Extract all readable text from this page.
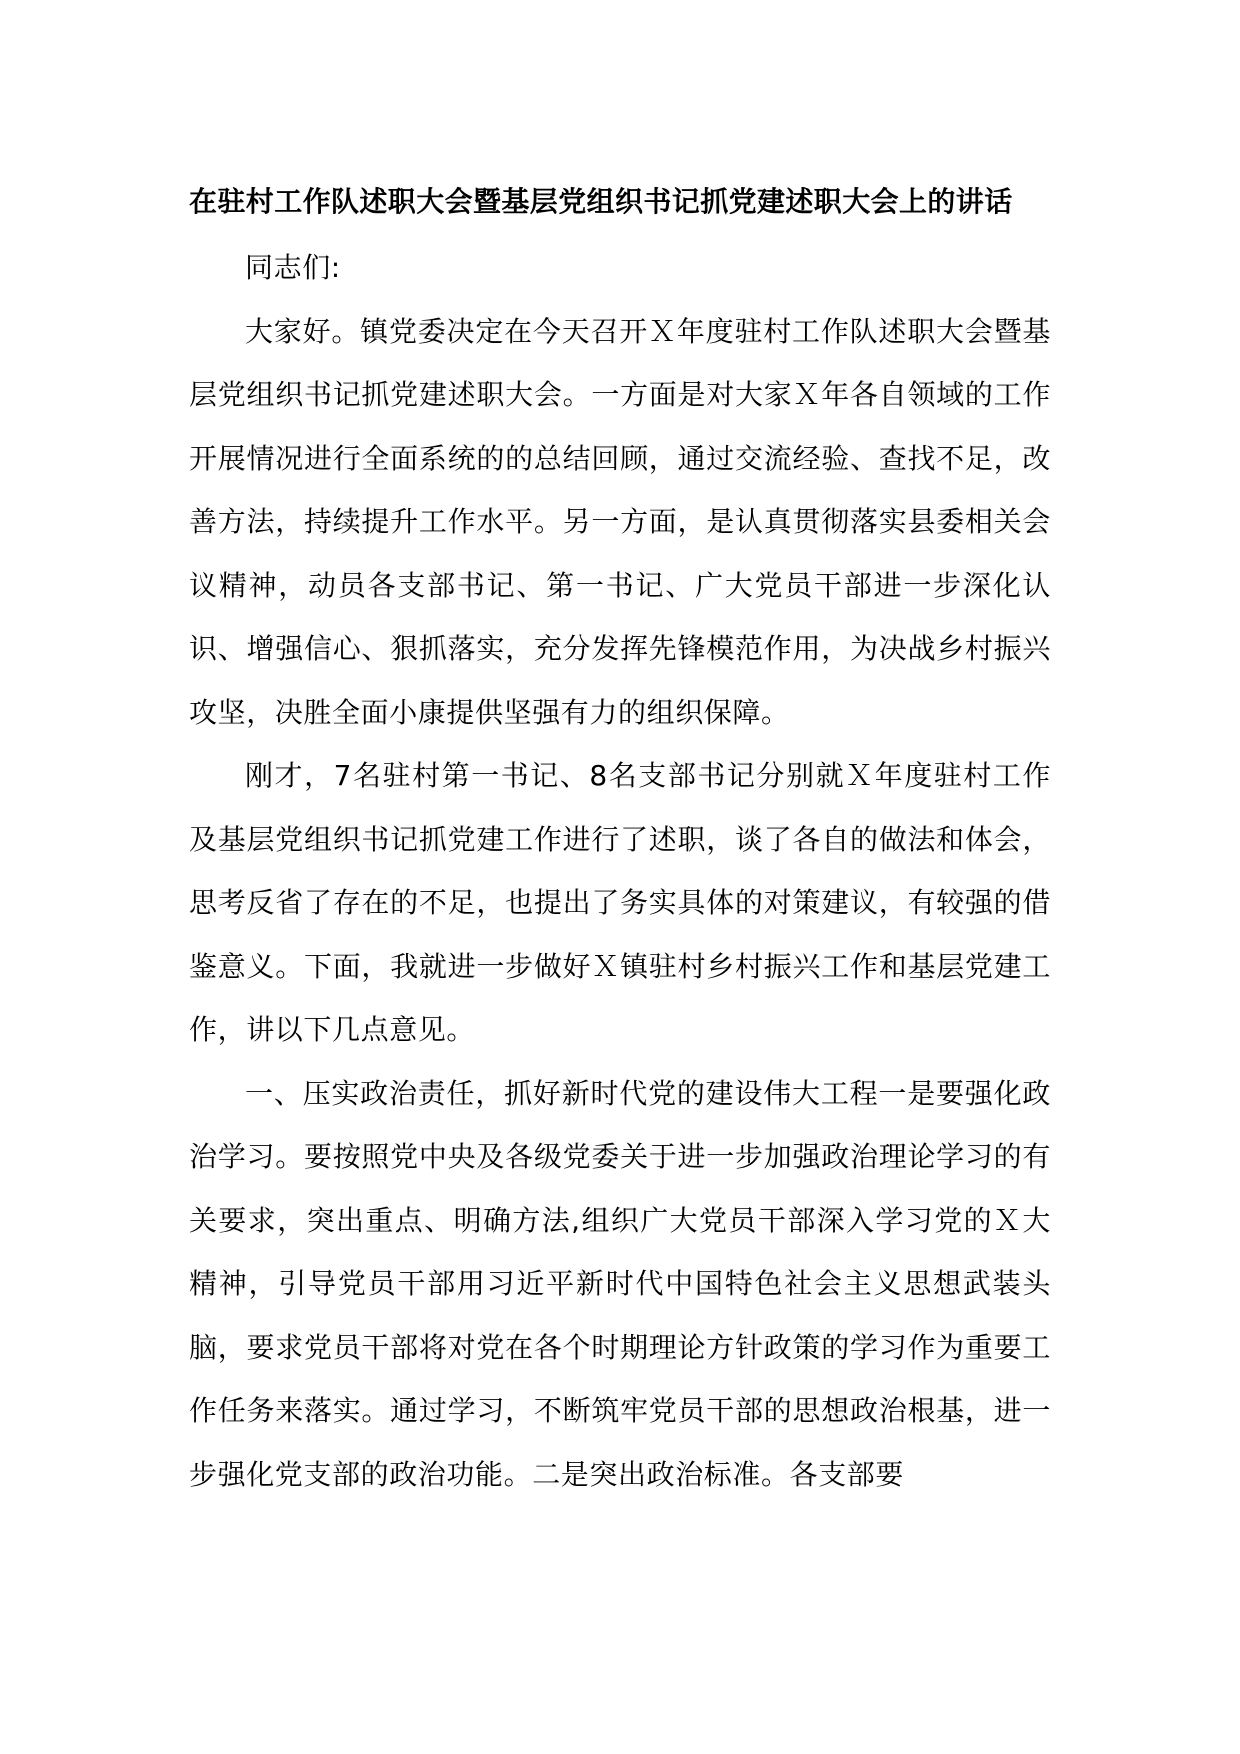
在驻村工作队述职大会暨基层党组织书记抓党建述职大会上的讲话

同志们:

大家好。镇党委决定在今天召开Ｘ年度驻村工作队述职大会暨基层党组织书记抓党建述职大会。一方面是对大家Ｘ年各自领域的工作开展情况进行全面系统的的总结回顾，通过交流经验、查找不足，改善方法，持续提升工作水平。另一方面，是认真贯彻落实县委相关会议精神，动员各支部书记、第一书记、广大党员干部进一步深化认识、增强信心、狠抓落实，充分发挥先锋模范作用，为决战乡村振兴攻坚，决胜全面小康提供坚强有力的组织保障。

刚才，7名驻村第一书记、8名支部书记分别就Ｘ年度驻村工作及基层党组织书记抓党建工作进行了述职，谈了各自的做法和体会，思考反省了存在的不足，也提出了务实具体的对策建议，有较强的借鉴意义。下面，我就进一步做好Ｘ镇驻村乡村振兴工作和基层党建工作，讲以下几点意见。

一、压实政治责任，抓好新时代党的建设伟大工程一是要强化政治学习。要按照党中央及各级党委关于进一步加强政治理论学习的有关要求，突出重点、明确方法,组织广大党员干部深入学习党的Ｘ大精神，引导党员干部用习近平新时代中国特色社会主义思想武装头脑，要求党员干部将对党在各个时期理论方针政策的学习作为重要工作任务来落实。通过学习，不断筑牢党员干部的思想政治根基，进一步强化党支部的政治功能。二是突出政治标准。各支部要
